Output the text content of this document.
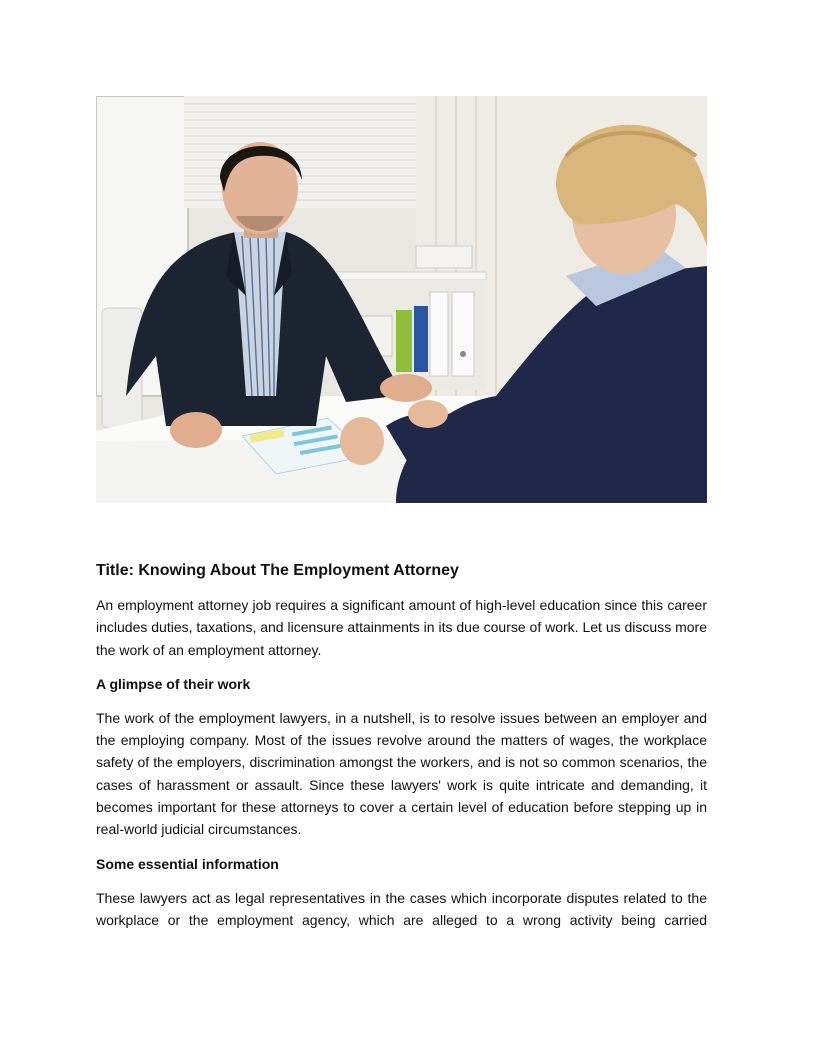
Title: Knowing About The Employment Attorney

An employment attorney job requires a significant amount of high-level education since this career includes duties, taxations, and licensure attainments in its due course of work. Let us discuss more the work of an employment attorney.

A glimpse of their work

The work of the employment lawyers, in a nutshell, is to resolve issues between an employer and the employing company. Most of the issues revolve around the matters of wages, the workplace safety of the employers, discrimination amongst the workers, and is not so common scenarios, the cases of harassment or assault. Since these lawyers' work is quite intricate and demanding, it becomes important for these attorneys to cover a certain level of education before stepping up in real-world judicial circumstances.

Some essential information

These lawyers act as legal representatives in the cases which incorporate disputes related to the workplace or the employment agency, which are alleged to a wrong activity being carried
